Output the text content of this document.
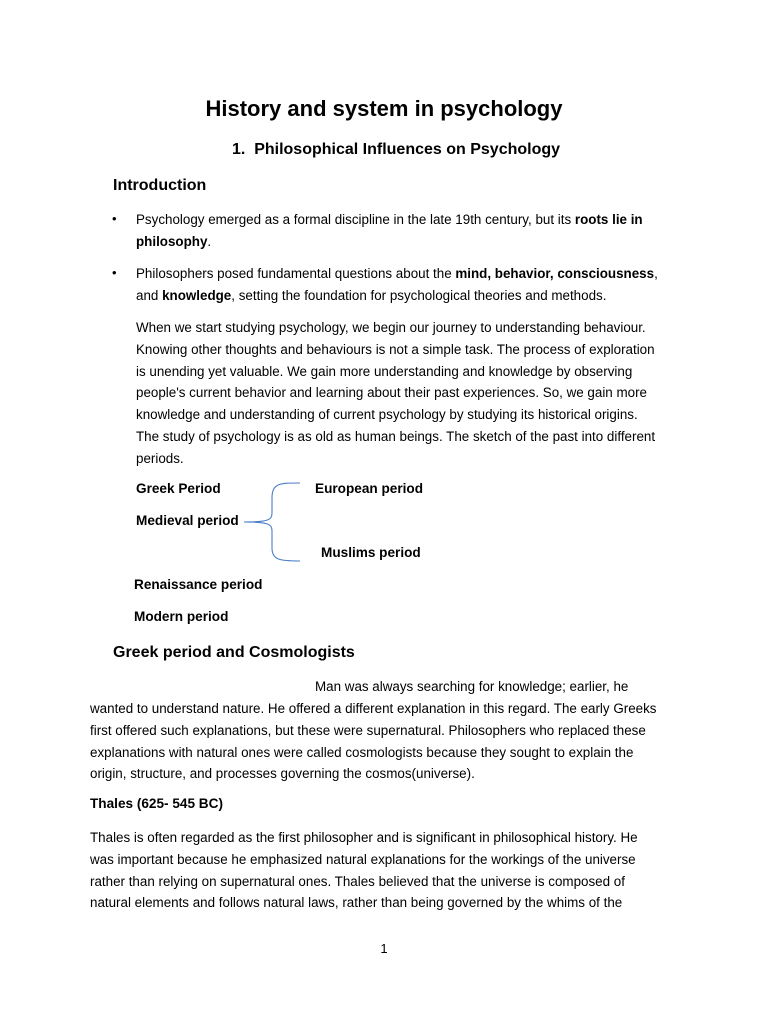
History and system in psychology
1. Philosophical Influences on Psychology
Introduction
• Psychology emerged as a formal discipline in the late 19th century, but its roots lie in
philosophy.
• Philosophers posed fundamental questions about the mind, behavior, consciousness,
and knowledge, setting the foundation for psychological theories and methods.
When we start studying psychology, we begin our journey to understanding behaviour.
Knowing other thoughts and behaviours is not a simple task. The process of exploration
is unending yet valuable. We gain more understanding and knowledge by observing
people's current behavior and learning about their past experiences. So, we gain more
knowledge and understanding of current psychology by studying its historical origins.
The study of psychology is as old as human beings. The sketch of the past into different
periods.
Greek Period	European period
Medieval period
Muslims period
Renaissance period
Modern period
Greek period and Cosmologists
Man was always searching for knowledge; earlier, he
wanted to understand nature. He offered a different explanation in this regard. The early Greeks
first offered such explanations, but these were supernatural. Philosophers who replaced these
explanations with natural ones were called cosmologists because they sought to explain the
origin, structure, and processes governing the cosmos(universe).
Thales (625- 545 BC)
Thales is often regarded as the first philosopher and is significant in philosophical history. He
was important because he emphasized natural explanations for the workings of the universe
rather than relying on supernatural ones. Thales believed that the universe is composed of
natural elements and follows natural laws, rather than being governed by the whims of the
1
